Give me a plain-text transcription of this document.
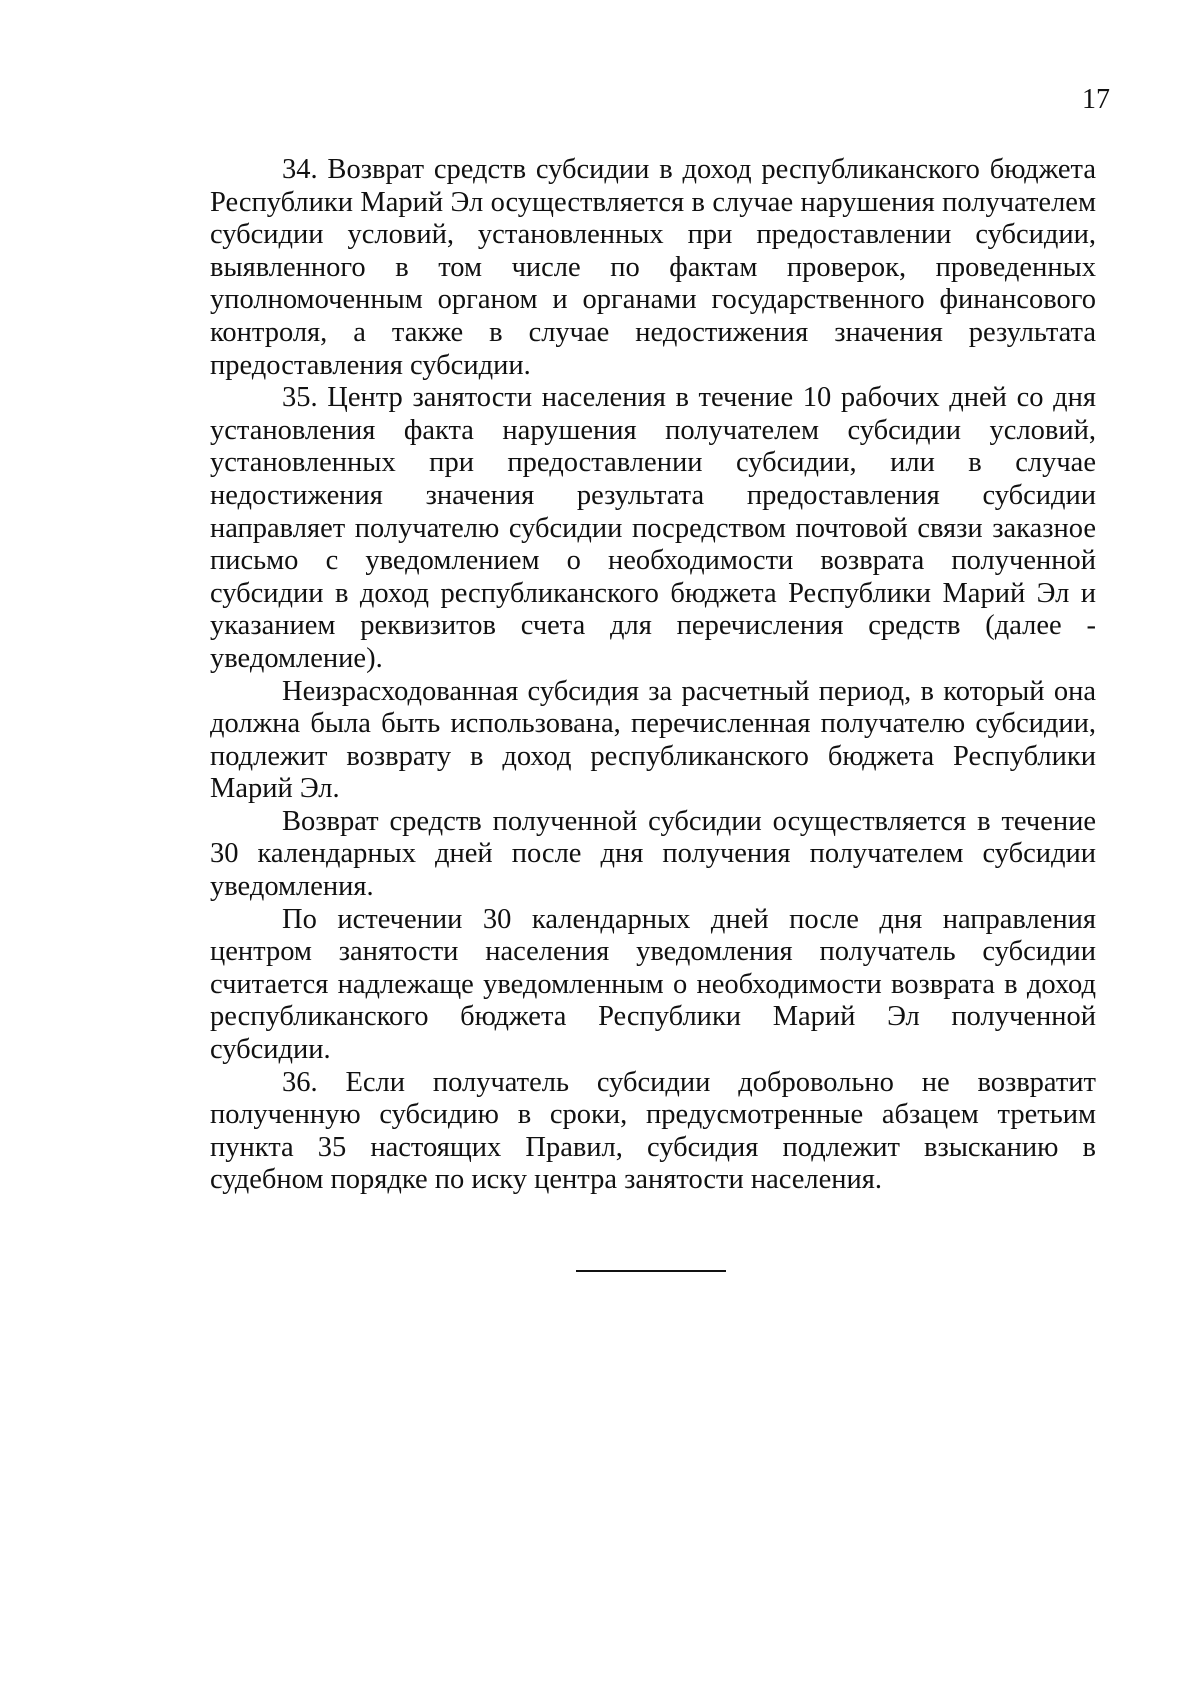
17

34. Возврат средств субсидии в доход республиканского бюджета Республики Марий Эл осуществляется в случае нарушения получателем субсидии условий, установленных при предоставлении субсидии, выявленного в том числе по фактам проверок, проведенных уполномоченным органом и органами государственного финансового контроля, а также в случае недостижения значения результата предоставления субсидии.

35. Центр занятости населения в течение 10 рабочих дней со дня установления факта нарушения получателем субсидии условий, установленных при предоставлении субсидии, или в случае недостижения значения результата предоставления субсидии направляет получателю субсидии посредством почтовой связи заказное письмо с уведомлением о необходимости возврата полученной субсидии в доход республиканского бюджета Республики Марий Эл и указанием реквизитов счета для перечисления средств (далее - уведомление).

Неизрасходованная субсидия за расчетный период, в который она должна была быть использована, перечисленная получателю субсидии, подлежит возврату в доход республиканского бюджета Республики Марий Эл.

Возврат средств полученной субсидии осуществляется в течение 30 календарных дней после дня получения получателем субсидии уведомления.

По истечении 30 календарных дней после дня направления центром занятости населения уведомления получатель субсидии считается надлежаще уведомленным о необходимости возврата в доход республиканского бюджета Республики Марий Эл полученной субсидии.

36. Если получатель субсидии добровольно не возвратит полученную субсидию в сроки, предусмотренные абзацем третьим пункта 35 настоящих Правил, субсидия подлежит взысканию в судебном порядке по иску центра занятости населения.
